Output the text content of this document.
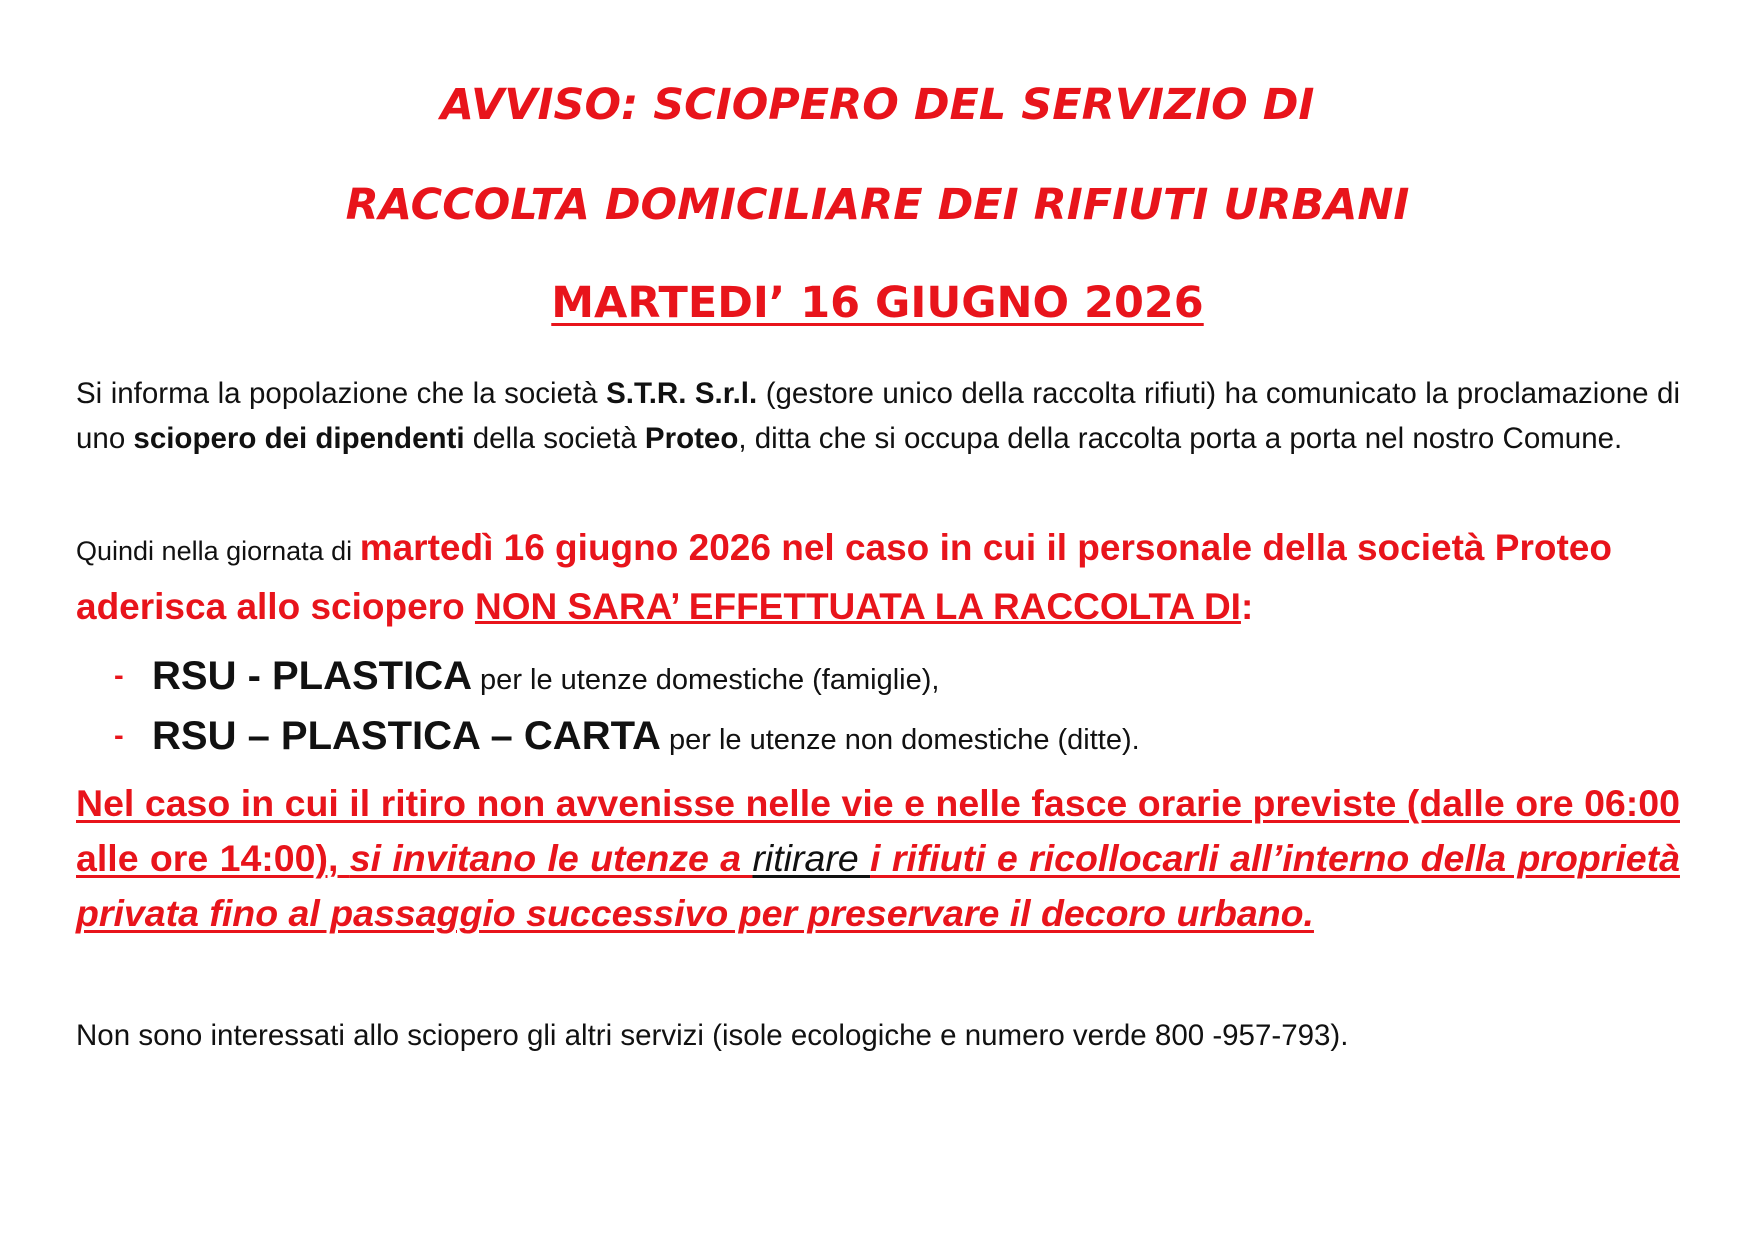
AVVISO: SCIOPERO DEL SERVIZIO DI
RACCOLTA DOMICILIARE DEI RIFIUTI URBANI
MARTEDI’ 16 GIUGNO 2026
Si informa la popolazione che la società S.T.R. S.r.l. (gestore unico della raccolta rifiuti) ha comunicato la proclamazione di uno sciopero dei dipendenti della società Proteo, ditta che si occupa della raccolta porta a porta nel nostro Comune.
Quindi nella giornata di martedì 16 giugno 2026 nel caso in cui il personale della società Proteo aderisca allo sciopero NON SARA’ EFFETTUATA LA RACCOLTA DI:
- RSU - PLASTICA per le utenze domestiche (famiglie),
- RSU – PLASTICA – CARTA per le utenze non domestiche (ditte).
Nel caso in cui il ritiro non avvenisse nelle vie e nelle fasce orarie previste (dalle ore 06:00 alle ore 14:00), si invitano le utenze a ritirare i rifiuti e ricollocarli all’interno della proprietà privata fino al passaggio successivo per preservare il decoro urbano.
Non sono interessati allo sciopero gli altri servizi (isole ecologiche e numero verde 800 -957-793).
